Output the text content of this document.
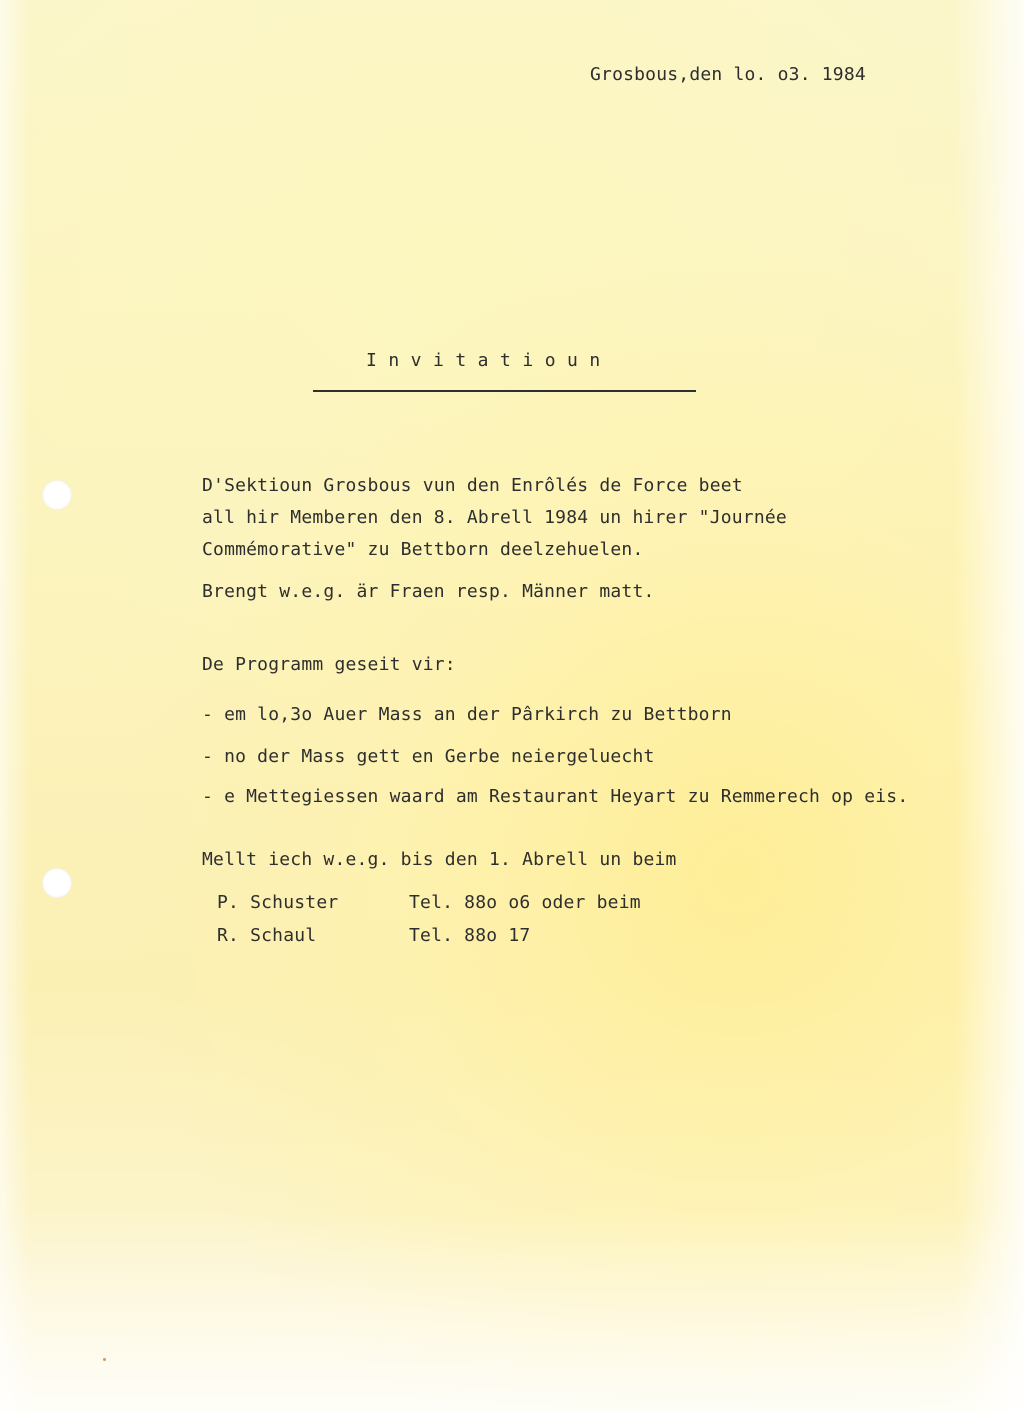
Grosbous,den lo. o3. 1984
Invitatioun
D'Sektioun Grosbous vun den Enrôlés de Force beet
all hir Memberen den 8. Abrell 1984 un hirer "Journée
Commémorative" zu Bettborn deelzehuelen.
Brengt w.e.g. är Fraen resp. Männer matt.
De Programm geseit vir:
- em lo,3o Auer Mass an der Pârkirch zu Bettborn
- no der Mass gett en Gerbe neiergeluecht
- e Mettegiessen waard am Restaurant Heyart zu Remmerech op eis.
Mellt iech w.e.g. bis den 1. Abrell un beim
P. Schuster	Tel. 88o o6 oder beim
R. Schaul	Tel. 88o 17
